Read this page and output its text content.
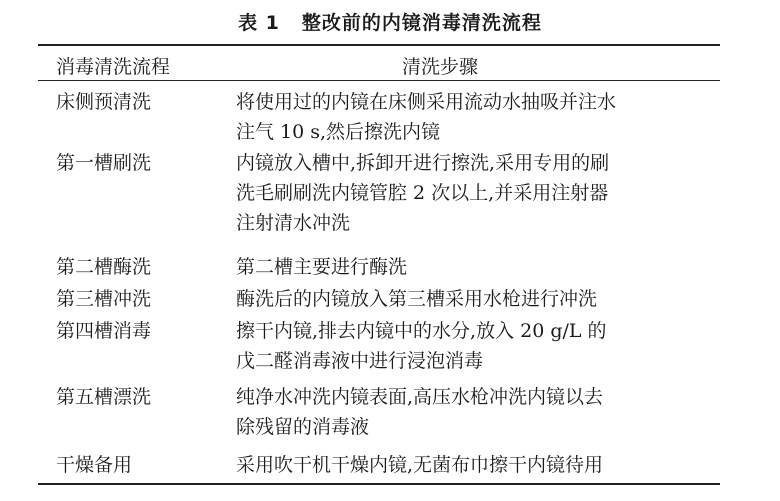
表 1 整改前的内镜消毒清洗流程
消毒清洗流程	清洗步骤
床侧预清洗	将使用过的内镜在床侧采用流动水抽吸并注水
注气 10 s,然后擦洗内镜
第一槽刷洗	内镜放入槽中,拆卸开进行擦洗,采用专用的刷
洗毛刷刷洗内镜管腔 2 次以上,并采用注射器
注射清水冲洗
第二槽酶洗	第二槽主要进行酶洗
第三槽冲洗	酶洗后的内镜放入第三槽采用水枪进行冲洗
第四槽消毒	擦干内镜,排去内镜中的水分,放入 20 g/L 的
戊二醛消毒液中进行浸泡消毒
第五槽漂洗	纯净水冲洗内镜表面,高压水枪冲洗内镜以去
除残留的消毒液
干燥备用	采用吹干机干燥内镜,无菌布巾擦干内镜待用
